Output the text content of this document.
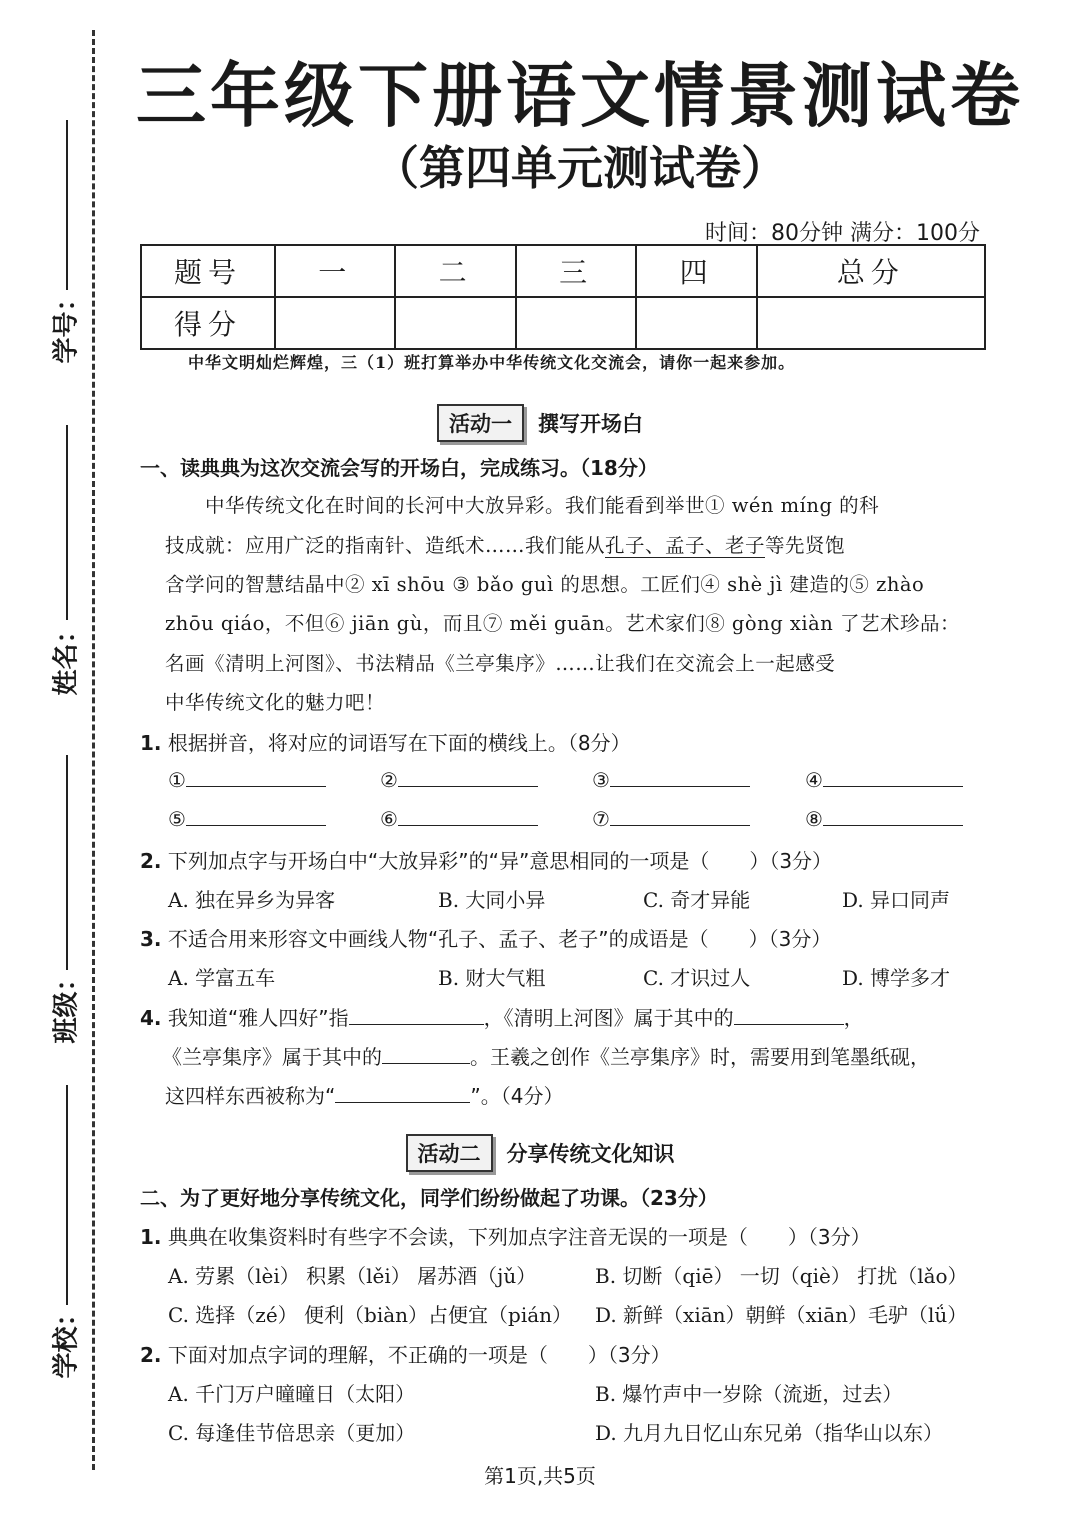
学号：
姓名：
班级：
学校：
三年级下册语文情景测试卷
（第四单元测试卷）
时间：80分钟 满分：100分
题号	一	二	三	四	总分
得分					
中华文明灿烂辉煌，三（1）班打算举办中华传统文化交流会，请你一起来参加。
活动一 撰写开场白
一、读典典为这次交流会写的开场白，完成练习。（18分）
中华传统文化在时间的长河中大放异彩。我们能看到举世① wén míng 的科
技成就：应用广泛的指南针、造纸术……我们能从孔子、孟子、老子等先贤饱
含学问的智慧结晶中② xī shōu ③ bǎo guì 的思想。工匠们④ shè jì 建造的⑤ zhào
zhōu qiáo，不但⑥ jiān gù，而且⑦ měi guān。艺术家们⑧ gòng xiàn 了艺术珍品：
名画《清明上河图》、书法精品《兰亭集序》……让我们在交流会上一起感受
中华传统文化的魅力吧！
1. 根据拼音，将对应的词语写在下面的横线上。（8分）
①	②	③	④
⑤	⑥	⑦	⑧
2. 下列加点字与开场白中“大放异彩”的“异”意思相同的一项是（　　）（3分）
A. 独在异乡为异客	B. 大同小异	C. 奇才异能	D. 异口同声
3. 不适合用来形容文中画线人物“孔子、孟子、老子”的成语是（　　）（3分）
A. 学富五车	B. 财大气粗	C. 才识过人	D. 博学多才
4. 我知道“雅人四好”指	，《清明上河图》属于其中的	，
《兰亭集序》属于其中的	。王羲之创作《兰亭集序》时，需要用到笔墨纸砚，
这四样东西被称为“	”。（4分）
活动二 分享传统文化知识
二、为了更好地分享传统文化，同学们纷纷做起了功课。（23分）
1. 典典在收集资料时有些字不会读，下列加点字注音无误的一项是（　　）（3分）
A. 劳累（lèi） 积累（lěi） 屠苏酒（jǔ）	B. 切断（qiē） 一切（qiè） 打扰（lǎo）
C. 选择（zé） 便利（biàn）占便宜（pián） D. 新鲜（xiān）朝鲜（xiān）毛驴（lǘ）
2. 下面对加点字词的理解，不正确的一项是（　　）（3分）
A. 千门万户曈曈日（太阳）	B. 爆竹声中一岁除（流逝，过去）
C. 每逢佳节倍思亲（更加）	D. 九月九日忆山东兄弟（指华山以东）
第1页,共5页
